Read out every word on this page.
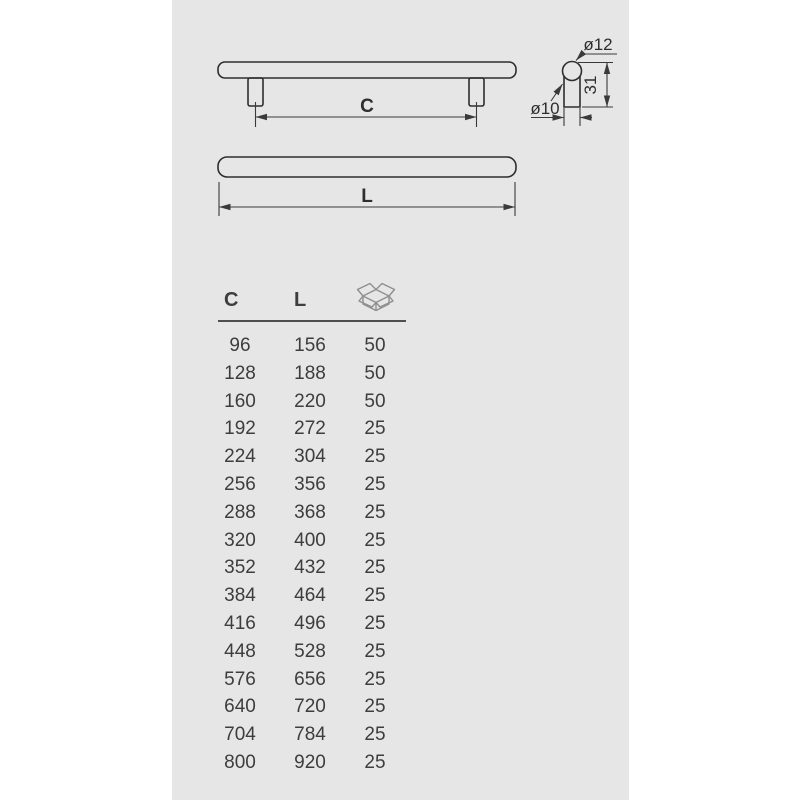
C
L
ø12
31
ø10
C	L
96	156	50
128	188	50
160	220	50
192	272	25
224	304	25
256	356	25
288	368	25
320	400	25
352	432	25
384	464	25
416	496	25
448	528	25
576	656	25
640	720	25
704	784	25
800	920	25
